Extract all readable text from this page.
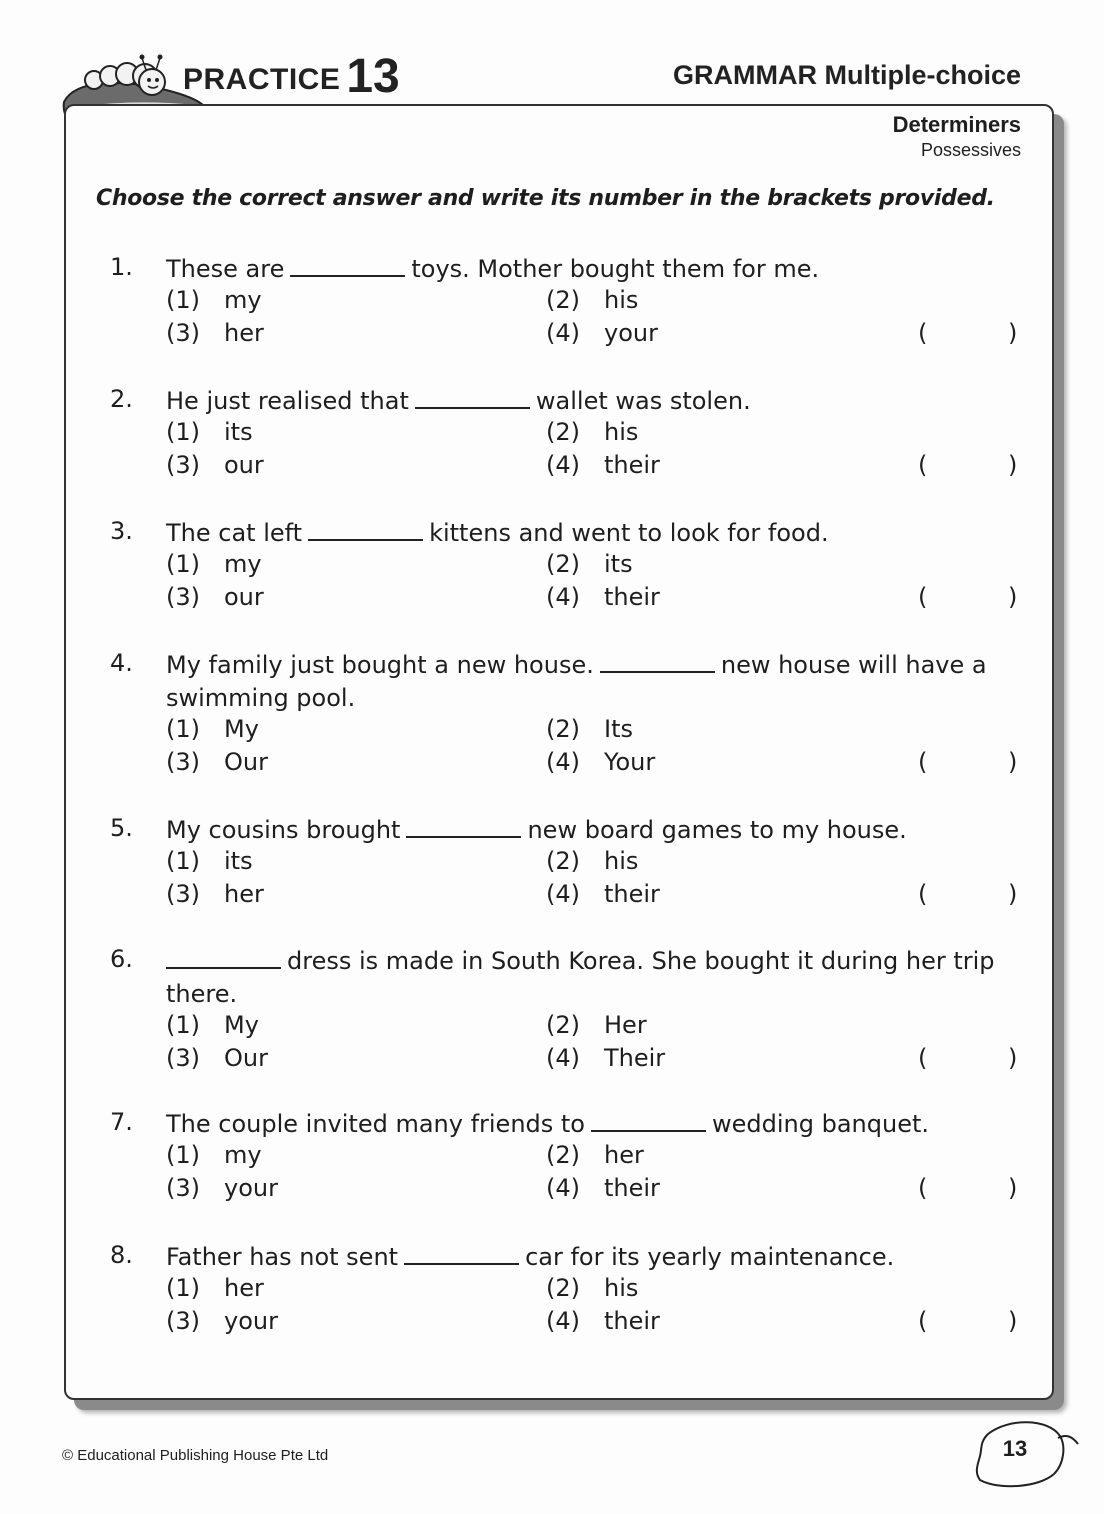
PRACTICE 13	GRAMMAR Multiple-choice
Determiners
Possessives
Choose the correct answer and write its number in the brackets provided.
1. These are	toys. Mother bought them for me.
(1) my	(2) his
(3) her	(4) your	(	)
2. He just realised that	wallet was stolen.
(1) its	(2) his
(3) our	(4) their	(	)
3. The cat left	kittens and went to look for food.
(1) my	(2) its
(3) our	(4) their	(	)
4. My family just bought a new house.	new house will have a swimming pool.
(1) My	(2) Its
(3) Our	(4) Your	(	)
5. My cousins brought	new board games to my house.
(1) its	(2) his
(3) her	(4) their	(	)
6.	dress is made in South Korea. She bought it during her trip there.
(1) My	(2) Her
(3) Our	(4) Their	(	)
7. The couple invited many friends to	wedding banquet.
(1) my	(2) her
(3) your	(4) their	(	)
8. Father has not sent	car for its yearly maintenance.
(1) her	(2) his
(3) your	(4) their	(	)
© Educational Publishing House Pte Ltd	13
